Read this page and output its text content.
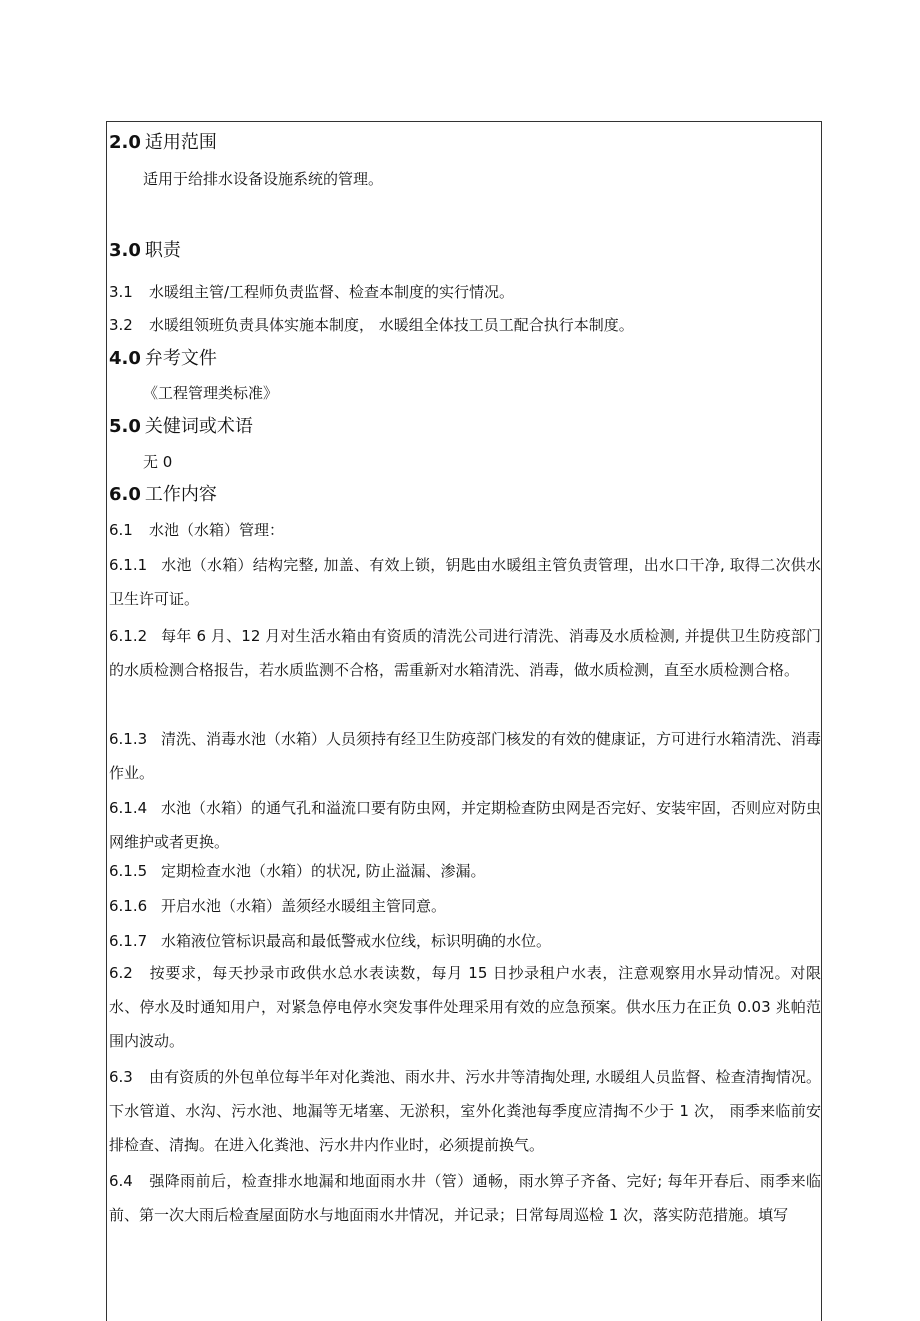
2.0 适用范围
适用于给排水设备设施系统的管理。
3.0 职责
3.1 水暖组主管/工程师负责监督、检查本制度的实行情况。
3.2 水暖组领班负责具体实施本制度， 水暖组全体技工员工配合执行本制度。
4.0 弁考文件
《工程管理类标准》
5.0 关健词或术语
无 0
6.0 工作内容
6.1 水池（水箱）管理：
6.1.1 水池（水箱）结构完整, 加盖、有效上锁，钥匙由水暖组主管负责管理，出水口干净, 取得二次供水卫生许可证。
6.1.2 每年 6 月、12 月对生活水箱由有资质的清洗公司进行清洗、消毒及水质检测, 并提供卫生防疫部门的水质检测合格报告，若水质监测不合格，需重新对水箱清洗、消毒，做水质检测，直至水质检测合格。
6.1.3 清洗、消毒水池（水箱）人员须持有经卫生防疫部门核发的有效的健康证，方可进行水箱清洗、消毒作业。
6.1.4 水池（水箱）的通气孔和溢流口要有防虫网，并定期检查防虫网是否完好、安装牢固，否则应对防虫网维护或者更换。
6.1.5 定期检查水池（水箱）的状况, 防止溢漏、渗漏。
6.1.6 开启水池（水箱）盖须经水暖组主管同意。
6.1.7 水箱液位管标识最高和最低警戒水位线，标识明确的水位。
6.2 按要求，每天抄录市政供水总水表读数，每月 15 日抄录租户水表，注意观察用水异动情况。对限水、停水及时通知用户，对紧急停电停水突发事件处理采用有效的应急预案。供水压力在正负 0.03 兆帕范围内波动。
6.3 由有资质的外包单位每半年对化粪池、雨水井、污水井等清掏处理, 水暖组人员监督、检查清掏情况。下水管道、水沟、污水池、地漏等无堵塞、无淤积，室外化粪池每季度应清掏不少于 1 次， 雨季来临前安排检查、清掏。在进入化粪池、污水井内作业时，必须提前换气。
6.4 强降雨前后，检查排水地漏和地面雨水井（管）通畅，雨水箅子齐备、完好; 每年开春后、雨季来临前、第一次大雨后检查屋面防水与地面雨水井情况，并记录；日常每周巡检 1 次，落实防范措施。填写
